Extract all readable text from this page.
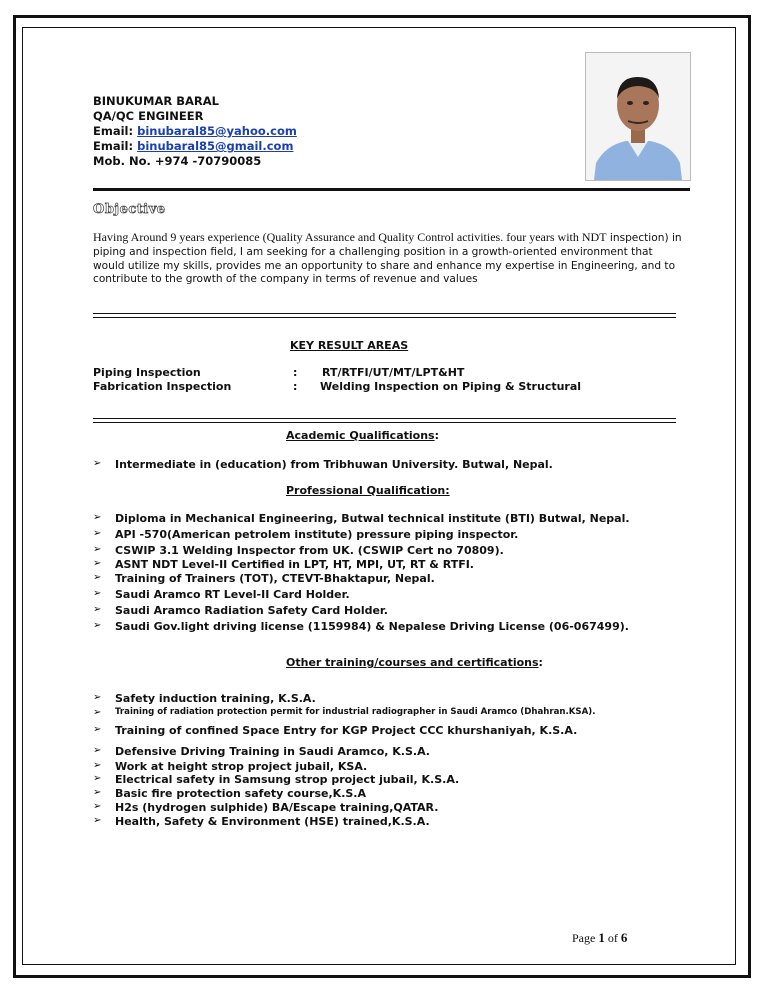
BINUKUMAR BARAL
QA/QC ENGINEER
Email: binubaral85@yahoo.com
Email: binubaral85@gmail.com
Mob. No. +974 -70790085
Objective
Having Around 9 years experience (Quality Assurance and Quality Control activities. four years with NDT inspection) in piping and inspection field, I am seeking for a challenging position in a growth-oriented environment that would utilize my skills, provides me an opportunity to share and enhance my expertise in Engineering, and to contribute to the growth of the company in terms of revenue and values
KEY RESULT AREAS
Piping Inspection	: RT/RTFI/UT/MT/LPT&HT
Fabrication Inspection	: Welding Inspection on Piping & Structural
Academic Qualifications:
➢ Intermediate in (education) from Tribhuwan University. Butwal, Nepal.
Professional Qualification:
➢ Diploma in Mechanical Engineering, Butwal technical institute (BTI) Butwal, Nepal.
➢ API -570(American petrolem institute) pressure piping inspector.
➢ CSWIP 3.1 Welding Inspector from UK. (CSWIP Cert no 70809).
➢ ASNT NDT Level-II Certified in LPT, HT, MPI, UT, RT & RTFI.
➢ Training of Trainers (TOT), CTEVT-Bhaktapur, Nepal.
➢ Saudi Aramco RT Level-II Card Holder.
➢ Saudi Aramco Radiation Safety Card Holder.
➢ Saudi Gov.light driving license (1159984) & Nepalese Driving License (06-067499).
Other training/courses and certifications:
➢ Safety induction training, K.S.A.
➢ Training of radiation protection permit for industrial radiographer in Saudi Aramco (Dhahran.KSA).
➢ Training of confined Space Entry for KGP Project CCC khurshaniyah, K.S.A.
➢ Defensive Driving Training in Saudi Aramco, K.S.A.
➢ Work at height strop project jubail, KSA.
➢ Electrical safety in Samsung strop project jubail, K.S.A.
➢ Basic fire protection safety course,K.S.A
➢ H2s (hydrogen sulphide) BA/Escape training,QATAR.
➢ Health, Safety & Environment (HSE) trained,K.S.A.
Page 1 of 6
